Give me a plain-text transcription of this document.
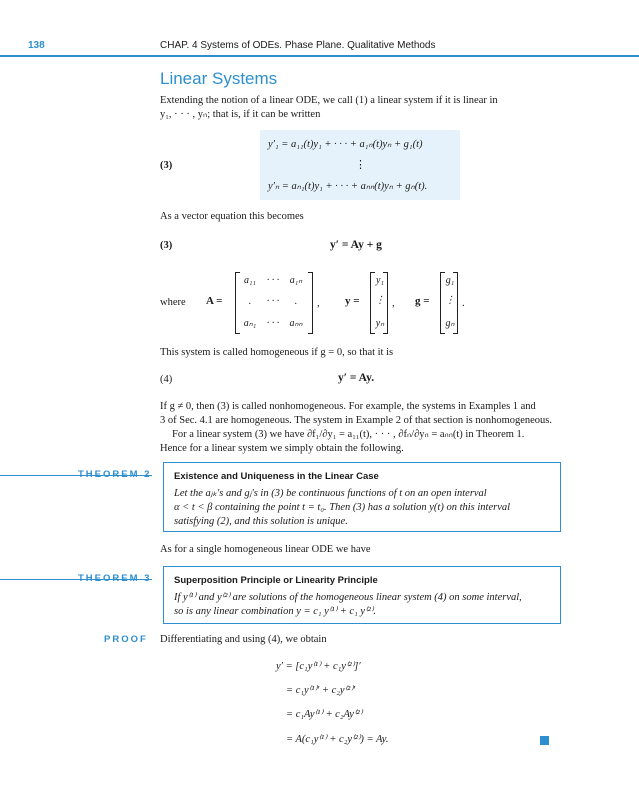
138	CHAP. 4 Systems of ODEs. Phase Plane. Qualitative Methods
Linear Systems
Extending the notion of a linear ODE, we call (1) a linear system if it is linear in
y₁, · · · , yₙ; that is, if it can be written
(3)
y′₁ = a₁₁(t)y₁ + · · · + a₁ₙ(t)yₙ + g₁(t)
⋮
y′ₙ = aₙ₁(t)y₁ + · · · + aₙₙ(t)yₙ + gₙ(t).
As a vector equation this becomes
(3)	y′ = Ay + g
where A =
a₁₁	· · ·	a₁ₙ
.	· · ·	.
aₙ₁	· · ·	aₙₙ
, y =
y₁
⋮
yₙ
, g =
g₁
⋮
gₙ
.
This system is called homogeneous if g = 0, so that it is
(4)	y′ = Ay.
If g ≠ 0, then (3) is called nonhomogeneous. For example, the systems in Examples 1 and
3 of Sec. 4.1 are homogeneous. The system in Example 2 of that section is nonhomogeneous.
For a linear system (3) we have ∂f₁/∂y₁ = a₁₁(t), · · · , ∂fₙ/∂yₙ = aₙₙ(t) in Theorem 1.
Hence for a linear system we simply obtain the following.
THEOREM 2 Existence and Uniqueness in the Linear Case
Let the aⱼₖ's and gⱼ's in (3) be continuous functions of t on an open interval
α < t < β containing the point t = t₀. Then (3) has a solution y(t) on this interval
satisfying (2), and this solution is unique.
As for a single homogeneous linear ODE we have
THEOREM 3 Superposition Principle or Linearity Principle
If y⁽¹⁾ and y⁽²⁾ are solutions of the homogeneous linear system (4) on some interval,
so is any linear combination y = c₁ y⁽¹⁾ + c₁ y⁽²⁾.
PROOF Differentiating and using (4), we obtain
y′ = [c₁y⁽¹⁾ + c₁y⁽²⁾]′
= c₁y⁽¹⁾′ + c₂y⁽²⁾′
= c₁Ay⁽¹⁾ + c₂Ay⁽²⁾
= A(c₁y⁽¹⁾ + c₂y⁽²⁾) = Ay.
